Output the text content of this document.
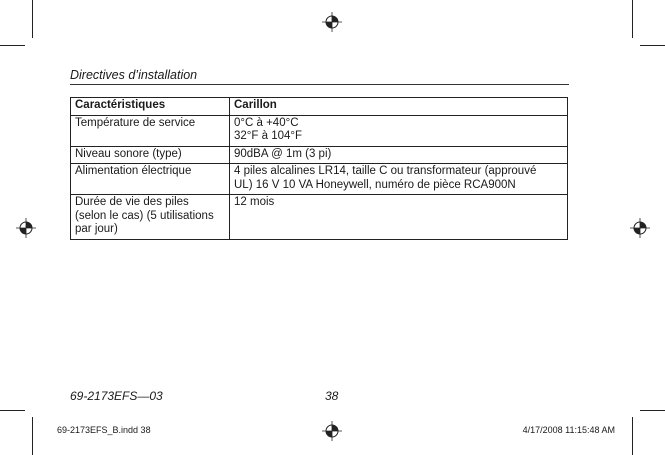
Directives d’installation
Caractéristiques	Carillon

Température de service	0°C à +40°C
32°F à 104°F

Niveau sonore (type)	90dBA @ 1m (3 pi)

Alimentation électrique	4 piles alcalines LR14, taille C ou transformateur (approuvé
UL) 16 V 10 VA Honeywell, numéro de pièce RCA900N

Durée de vie des piles
(selon le cas) (5 utilisations
par jour)	12 mois
69-2173EFS—03	38
69-2173EFS_B.indd 38	4/17/2008 11:15:48 AM
